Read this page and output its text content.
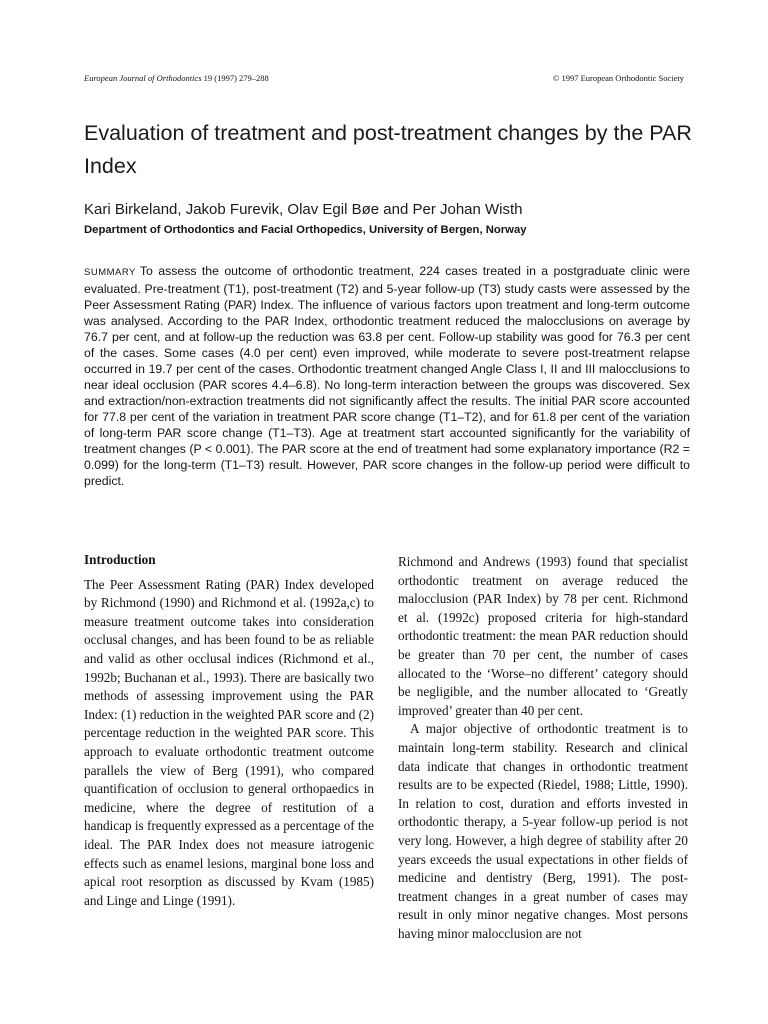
European Journal of Orthodontics 19 (1997) 279–288	© 1997 European Orthodontic Society
Evaluation of treatment and post-treatment changes by the PAR Index
Kari Birkeland, Jakob Furevik, Olav Egil Bøe and Per Johan Wisth
Department of Orthodontics and Facial Orthopedics, University of Bergen, Norway

SUMMARY To assess the outcome of orthodontic treatment, 224 cases treated in a postgraduate clinic were evaluated. Pre-treatment (T1), post-treatment (T2) and 5-year follow-up (T3) study casts were assessed by the Peer Assessment Rating (PAR) Index. The influence of various factors upon treatment and long-term outcome was analysed. According to the PAR Index, orthodontic treatment reduced the malocclusions on average by 76.7 per cent, and at follow-up the reduction was 63.8 per cent. Follow-up stability was good for 76.3 per cent of the cases. Some cases (4.0 per cent) even improved, while moderate to severe post-treatment relapse occurred in 19.7 per cent of the cases. Orthodontic treatment changed Angle Class I, II and III malocclusions to near ideal occlusion (PAR scores 4.4–6.8). No long-term interaction between the groups was discovered. Sex and extraction/non-extraction treatments did not significantly affect the results. The initial PAR score accounted for 77.8 per cent of the variation in treatment PAR score change (T1–T2), and for 61.8 per cent of the variation of long-term PAR score change (T1–T3). Age at treatment start accounted significantly for the variability of treatment changes (P < 0.001). The PAR score at the end of treatment had some explanatory importance (R2 = 0.099) for the long-term (T1–T3) result. However, PAR score changes in the follow-up period were difficult to predict.

Introduction

The Peer Assessment Rating (PAR) Index developed by Richmond (1990) and Richmond et al. (1992a,c) to measure treatment outcome takes into consideration occlusal changes, and has been found to be as reliable and valid as other occlusal indices (Richmond et al., 1992b; Buchanan et al., 1993). There are basically two methods of assessing improvement using the PAR Index: (1) reduction in the weighted PAR score and (2) percentage reduction in the weighted PAR score. This approach to evaluate orthodontic treatment outcome parallels the view of Berg (1991), who compared quantification of occlusion to general orthopaedics in medicine, where the degree of restitution of a handicap is frequently expressed as a percentage of the ideal. The PAR Index does not measure iatrogenic effects such as enamel lesions, marginal bone loss and apical root resorption as discussed by Kvam (1985) and Linge and Linge (1991).

Richmond and Andrews (1993) found that specialist orthodontic treatment on average reduced the malocclusion (PAR Index) by 78 per cent. Richmond et al. (1992c) proposed criteria for high-standard orthodontic treatment: the mean PAR reduction should be greater than 70 per cent, the number of cases allocated to the ‘Worse–no different’ category should be negligible, and the number allocated to ‘Greatly improved’ greater than 40 per cent.

A major objective of orthodontic treatment is to maintain long-term stability. Research and clinical data indicate that changes in orthodontic treatment results are to be expected (Riedel, 1988; Little, 1990). In relation to cost, duration and efforts invested in orthodontic therapy, a 5-year follow-up period is not very long. However, a high degree of stability after 20 years exceeds the usual expectations in other fields of medicine and dentistry (Berg, 1991). The post-treatment changes in a great number of cases may result in only minor negative changes. Most persons having minor malocclusion are not
